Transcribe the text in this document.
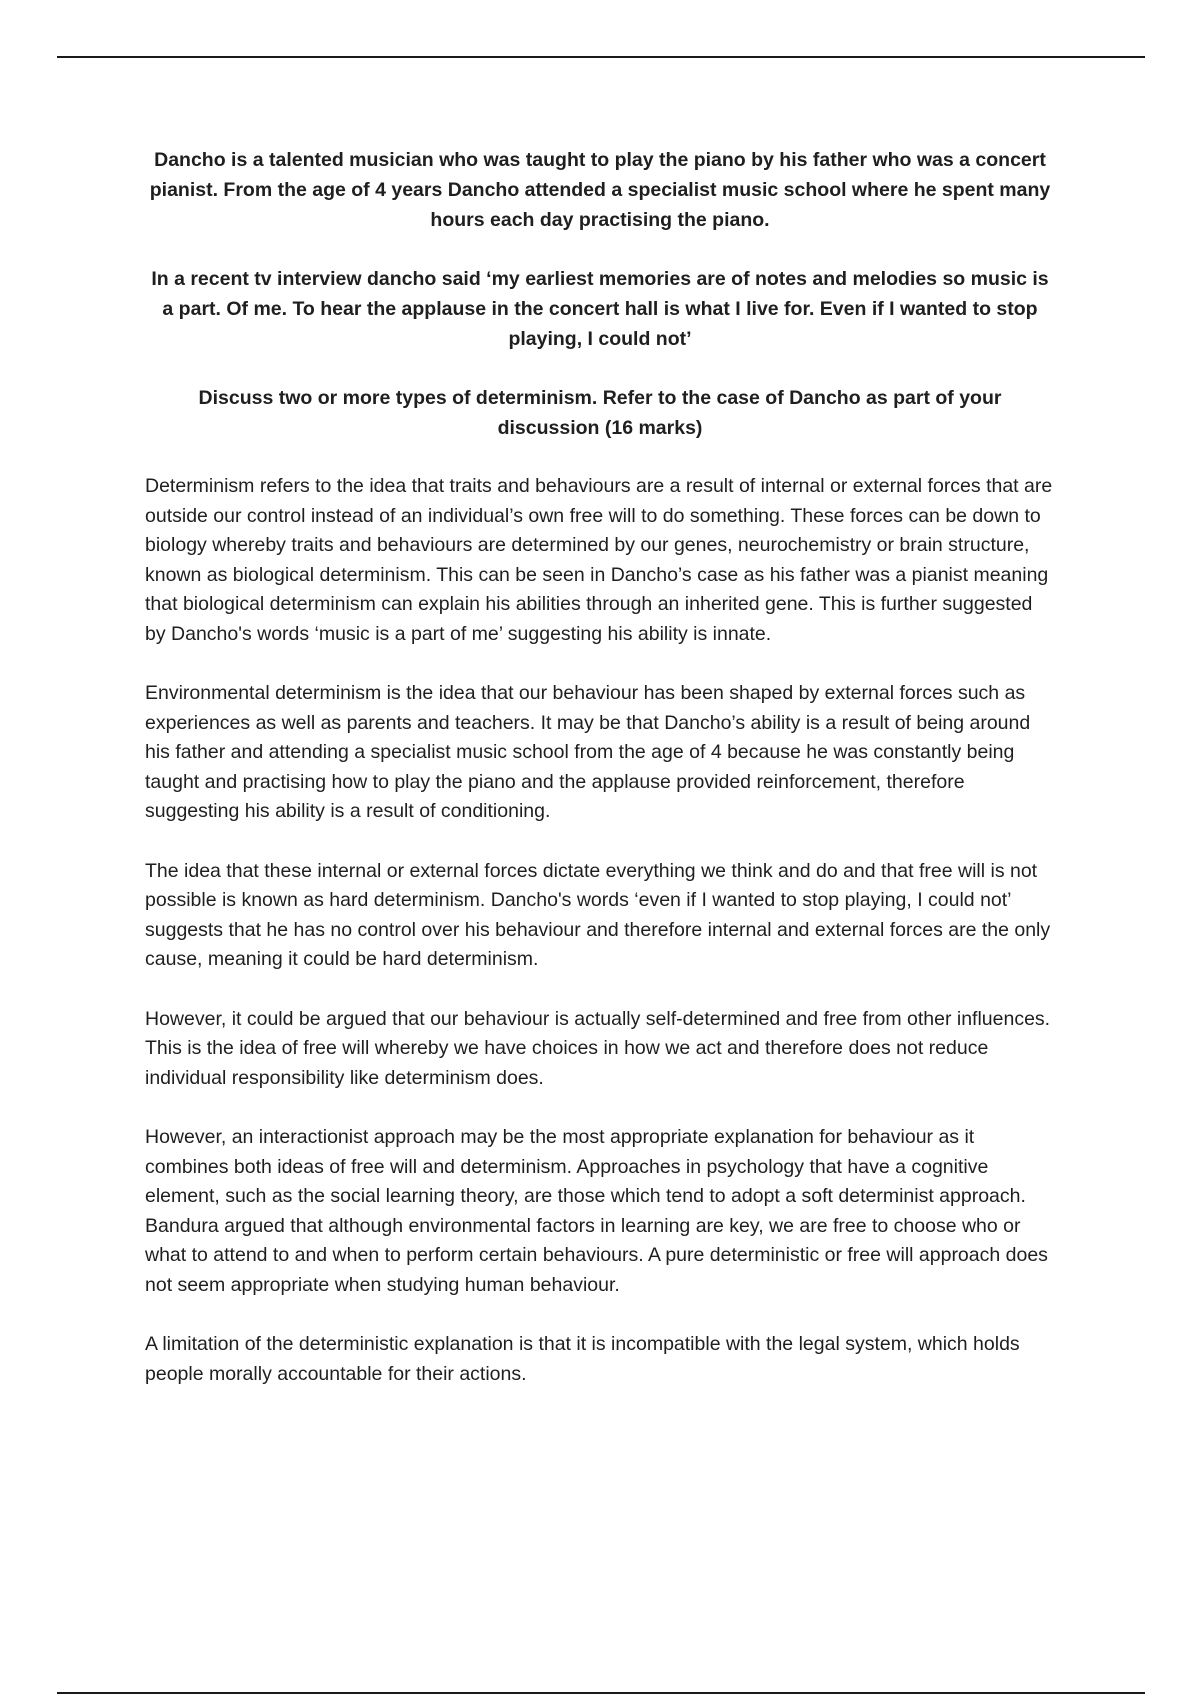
Dancho is a talented musician who was taught to play the piano by his father who was a concert pianist. From the age of 4 years Dancho attended a specialist music school where he spent many hours each day practising the piano.

In a recent tv interview dancho said ‘my earliest memories are of notes and melodies so music is a part. Of me. To hear the applause in the concert hall is what I live for. Even if I wanted to stop playing, I could not’

Discuss two or more types of determinism. Refer to the case of Dancho as part of your discussion (16 marks)

Determinism refers to the idea that traits and behaviours are a result of internal or external forces that are outside our control instead of an individual’s own free will to do something. These forces can be down to biology whereby traits and behaviours are determined by our genes, neurochemistry or brain structure, known as biological determinism. This can be seen in Dancho’s case as his father was a pianist meaning that biological determinism can explain his abilities through an inherited gene. This is further suggested by Dancho's words ‘music is a part of me’ suggesting his ability is innate.

Environmental determinism is the idea that our behaviour has been shaped by external forces such as experiences as well as parents and teachers. It may be that Dancho’s ability is a result of being around his father and attending a specialist music school from the age of 4 because he was constantly being taught and practising how to play the piano and the applause provided reinforcement, therefore suggesting his ability is a result of conditioning.

The idea that these internal or external forces dictate everything we think and do and that free will is not possible is known as hard determinism. Dancho's words ‘even if I wanted to stop playing, I could not’ suggests that he has no control over his behaviour and therefore internal and external forces are the only cause, meaning it could be hard determinism.

However, it could be argued that our behaviour is actually self-determined and free from other influences. This is the idea of free will whereby we have choices in how we act and therefore does not reduce individual responsibility like determinism does.

However, an interactionist approach may be the most appropriate explanation for behaviour as it combines both ideas of free will and determinism. Approaches in psychology that have a cognitive element, such as the social learning theory, are those which tend to adopt a soft determinist approach. Bandura argued that although environmental factors in learning are key, we are free to choose who or what to attend to and when to perform certain behaviours. A pure deterministic or free will approach does not seem appropriate when studying human behaviour.

A limitation of the deterministic explanation is that it is incompatible with the legal system, which holds people morally accountable for their actions.
